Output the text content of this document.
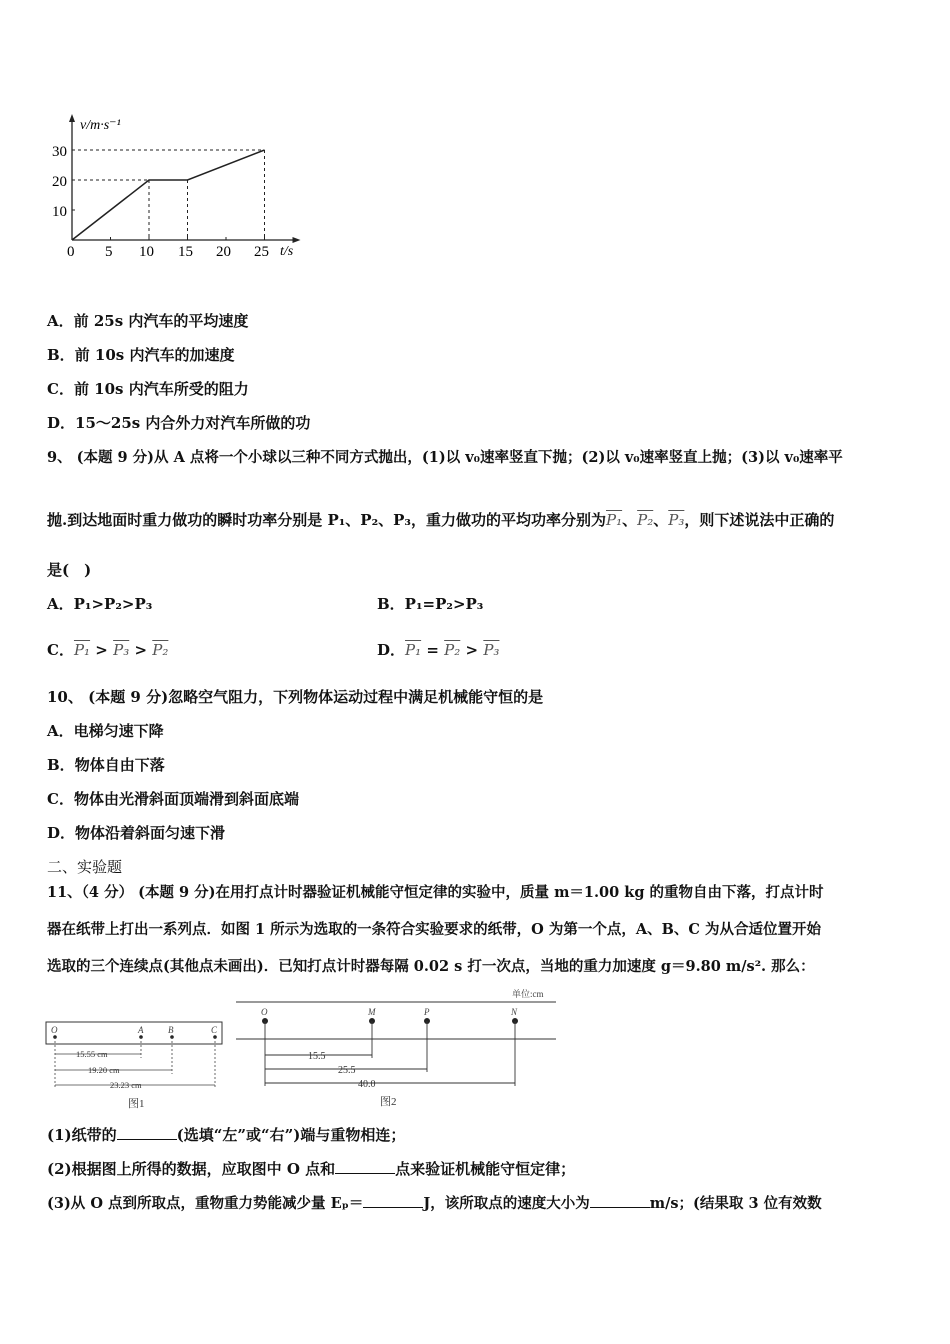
v/m·s⁻¹
t/s
30
20
10
0 5 10 15 20 25
A．前 25s 内汽车的平均速度
B．前 10s 内汽车的加速度
C．前 10s 内汽车所受的阻力
D．15～25s 内合外力对汽车所做的功
9、 (本题 9 分)从 A 点将一个小球以三种不同方式抛出，(1)以 v₀速率竖直下抛；(2)以 v₀速率竖直上抛；(3)以 v₀速率平
抛.到达地面时重力做功的瞬时功率分别是 P₁、P₂、P₃，重力做功的平均功率分别为P₁、P₂、P₃，则下述说法中正确的
是(　)
A．P₁>P₂>P₃	B．P₁=P₂>P₃
C．P₁ > P₃ > P₂	D．P₁ = P₂ > P₃
10、 (本题 9 分)忽略空气阻力，下列物体运动过程中满足机械能守恒的是
A．电梯匀速下降
B．物体自由下落
C．物体由光滑斜面顶端滑到斜面底端
D．物体沿着斜面匀速下滑
二、实验题
11、（4 分） (本题 9 分)在用打点计时器验证机械能守恒定律的实验中，质量 m＝1.00 kg 的重物自由下落，打点计时
器在纸带上打出一系列点．如图 1 所示为选取的一条符合实验要求的纸带，O 为第一个点，A、B、C 为从合适位置开始
选取的三个连续点(其他点未画出)．已知打点计时器每隔 0.02 s 打一次点，当地的重力加速度 g＝9.80 m/s². 那么：
O	A	B	C
15.55 cm
19.20 cm
23.23 cm
图1
单位:cm
O	M	P	N
15.5
25.5
40.0
图2
(1)纸带的	(选填“左”或“右”)端与重物相连；
(2)根据图上所得的数据，应取图中 O 点和	点来验证机械能守恒定律；
(3)从 O 点到所取点，重物重力势能减少量 Eₚ＝	J，该所取点的速度大小为	m/s；(结果取 3 位有效数
